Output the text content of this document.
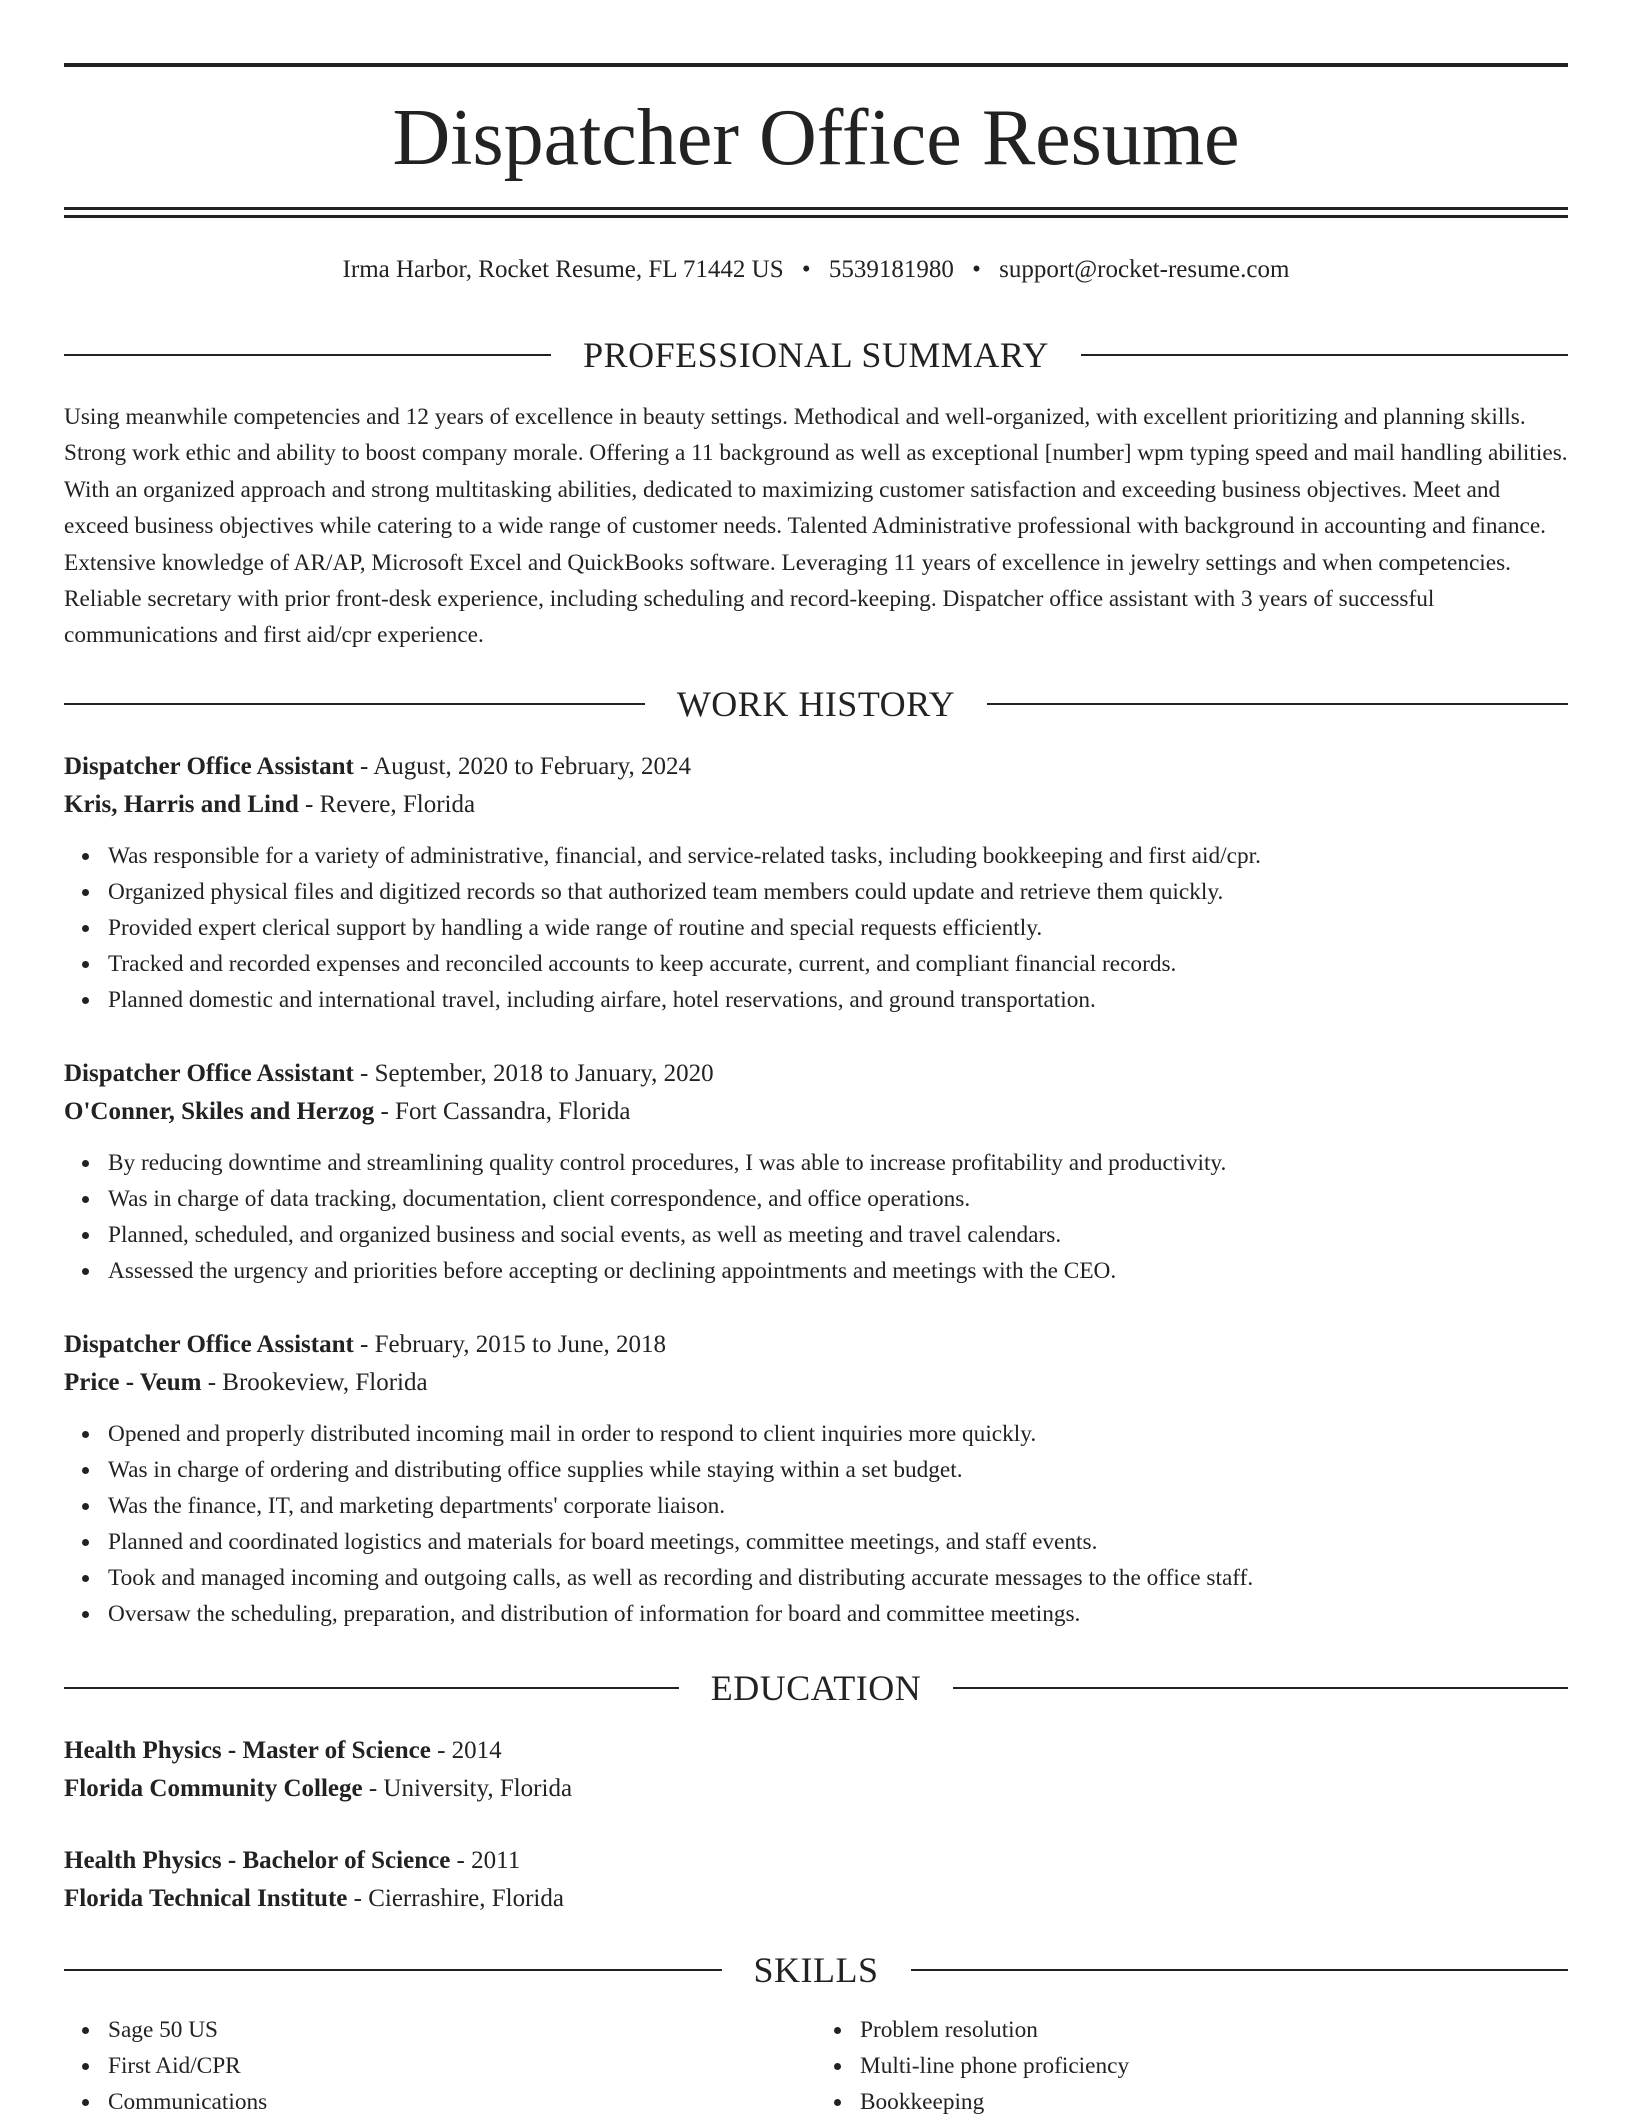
Dispatcher Office Resume
Irma Harbor, Rocket Resume, FL 71442 US • 5539181980 • support@rocket-resume.com
PROFESSIONAL SUMMARY

Using meanwhile competencies and 12 years of excellence in beauty settings. Methodical and well-organized, with excellent prioritizing and planning skills. Strong work ethic and ability to boost company morale. Offering a 11 background as well as exceptional [number] wpm typing speed and mail handling abilities. With an organized approach and strong multitasking abilities, dedicated to maximizing customer satisfaction and exceeding business objectives. Meet and exceed business objectives while catering to a wide range of customer needs. Talented Administrative professional with background in accounting and finance. Extensive knowledge of AR/AP, Microsoft Excel and QuickBooks software. Leveraging 11 years of excellence in jewelry settings and when competencies. Reliable secretary with prior front-desk experience, including scheduling and record-keeping. Dispatcher office assistant with 3 years of successful communications and first aid/cpr experience.

WORK HISTORY
Dispatcher Office Assistant - August, 2020 to February, 2024
Kris, Harris and Lind - Revere, Florida
Was responsible for a variety of administrative, financial, and service-related tasks, including bookkeeping and first aid/cpr.
Organized physical files and digitized records so that authorized team members could update and retrieve them quickly.
Provided expert clerical support by handling a wide range of routine and special requests efficiently.
Tracked and recorded expenses and reconciled accounts to keep accurate, current, and compliant financial records.
Planned domestic and international travel, including airfare, hotel reservations, and ground transportation.
Dispatcher Office Assistant - September, 2018 to January, 2020
O'Conner, Skiles and Herzog - Fort Cassandra, Florida
By reducing downtime and streamlining quality control procedures, I was able to increase profitability and productivity.
Was in charge of data tracking, documentation, client correspondence, and office operations.
Planned, scheduled, and organized business and social events, as well as meeting and travel calendars.
Assessed the urgency and priorities before accepting or declining appointments and meetings with the CEO.
Dispatcher Office Assistant - February, 2015 to June, 2018
Price - Veum - Brookeview, Florida
Opened and properly distributed incoming mail in order to respond to client inquiries more quickly.
Was in charge of ordering and distributing office supplies while staying within a set budget.
Was the finance, IT, and marketing departments' corporate liaison.
Planned and coordinated logistics and materials for board meetings, committee meetings, and staff events.
Took and managed incoming and outgoing calls, as well as recording and distributing accurate messages to the office staff.
Oversaw the scheduling, preparation, and distribution of information for board and committee meetings.
EDUCATION
Health Physics - Master of Science - 2014
Florida Community College - University, Florida
Health Physics - Bachelor of Science - 2011
Florida Technical Institute - Cierrashire, Florida
SKILLS
Sage 50 US
First Aid/CPR
Communications
Problem resolution
Multi-line phone proficiency
Bookkeeping
